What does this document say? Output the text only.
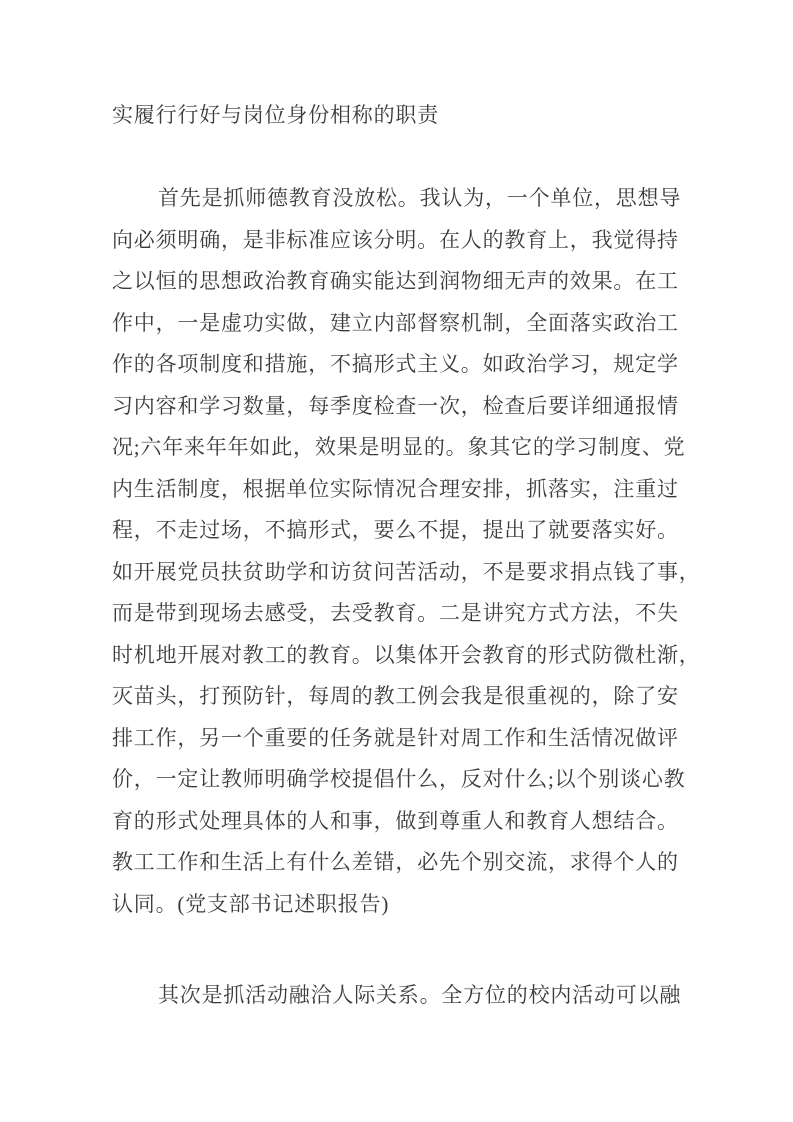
实履行行好与岗位身份相称的职责
首先是抓师德教育没放松。我认为，一个单位，思想导
向必须明确，是非标准应该分明。在人的教育上，我觉得持
之以恒的思想政治教育确实能达到润物细无声的效果。在工
作中，一是虚功实做，建立内部督察机制，全面落实政治工
作的各项制度和措施，不搞形式主义。如政治学习，规定学
习内容和学习数量，每季度检查一次，检查后要详细通报情
况;六年来年年如此，效果是明显的。象其它的学习制度、党
内生活制度，根据单位实际情况合理安排，抓落实，注重过
程，不走过场，不搞形式，要么不提，提出了就要落实好。
如开展党员扶贫助学和访贫问苦活动，不是要求捐点钱了事，
而是带到现场去感受，去受教育。二是讲究方式方法，不失
时机地开展对教工的教育。以集体开会教育的形式防微杜渐，
灭苗头，打预防针，每周的教工例会我是很重视的，除了安
排工作，另一个重要的任务就是针对周工作和生活情况做评
价，一定让教师明确学校提倡什么，反对什么;以个别谈心教
育的形式处理具体的人和事，做到尊重人和教育人想结合。
教工工作和生活上有什么差错，必先个别交流，求得个人的
认同。(党支部书记述职报告)
其次是抓活动融洽人际关系。全方位的校内活动可以融
